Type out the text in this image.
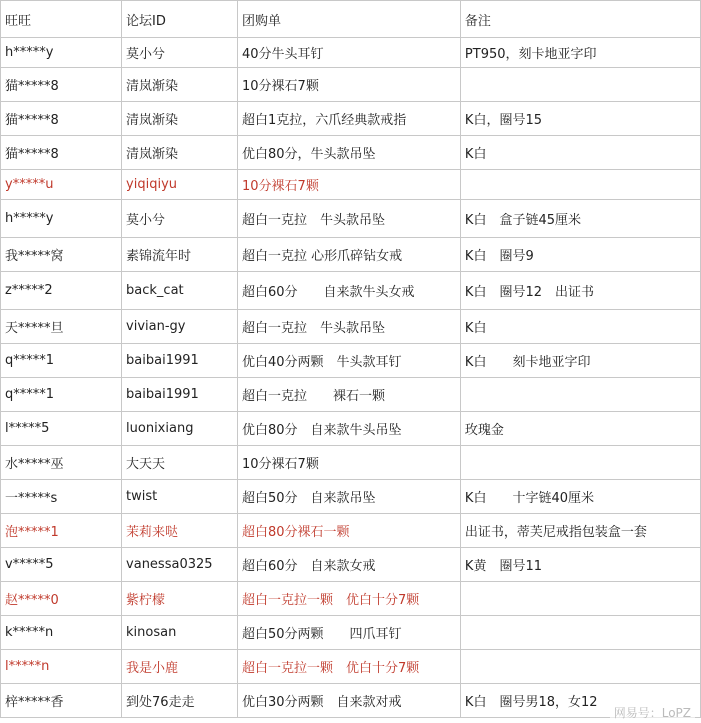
旺旺	论坛ID	团购单	备注
h*****y	莫小兮	40分牛头耳钉	PT950，刻卡地亚字印
猫*****8	清岚渐染	10分裸石7颗	
猫*****8	清岚渐染	超白1克拉，六爪经典款戒指	K白，圈号15
猫*****8	清岚渐染	优白80分，牛头款吊坠	K白
y*****u	yiqiqiyu	10分裸石7颗	
h*****y	莫小兮	超白一克拉　牛头款吊坠	K白　盒子链45厘米
我*****窝	素锦流年时	超白一克拉 心形爪碎钻女戒	K白　圈号9
z*****2	back_cat	超白60分　　自来款牛头女戒	K白　圈号12　出证书
天*****旦	vivian-gy	超白一克拉　牛头款吊坠	K白
q*****1	baibai1991	优白40分两颗　牛头款耳钉	K白　　刻卡地亚字印
q*****1	baibai1991	超白一克拉　　裸石一颗	
l*****5	luonixiang	优白80分　自来款牛头吊坠	玫瑰金
水*****巫	大天天	10分裸石7颗	
一*****s	twist	超白50分　自来款吊坠	K白　　十字链40厘米
泡*****1	茉莉来哒	超白80分裸石一颗	出证书，蒂芙尼戒指包装盒一套
v*****5	vanessa0325	超白60分　自来款女戒	K黄　圈号11
赵*****0	紫柠檬	超白一克拉一颗　优白十分7颗	
k*****n	kinosan	超白50分两颗　　四爪耳钉	
l*****n	我是小鹿	超白一克拉一颗　优白十分7颗	
梓*****香	到处76走走	优白30分两颗　自来款对戒	K白　圈号男18，女12
网易号：LoPZ
